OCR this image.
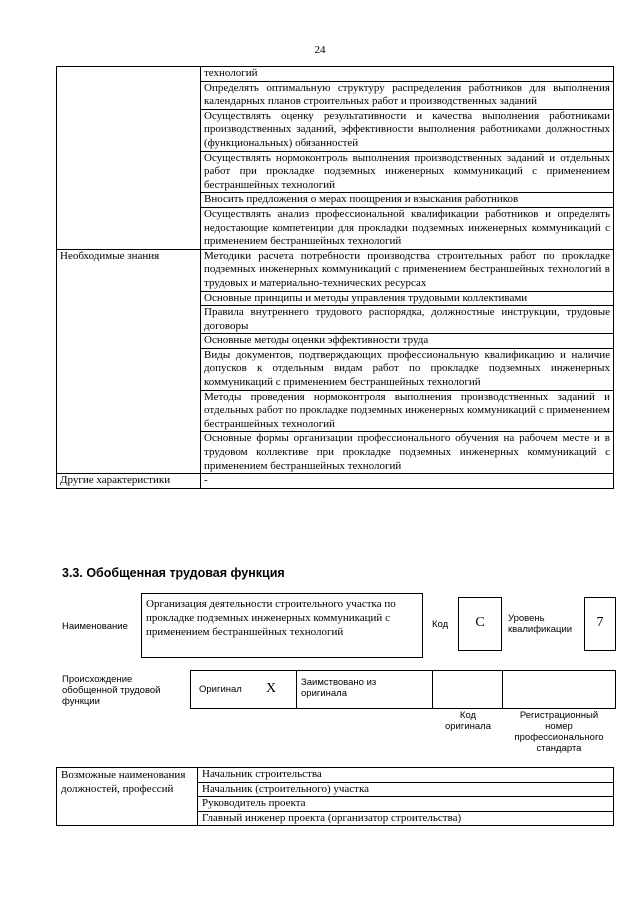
24
	технологий
	Определять оптимальную структуру распределения работников для выполнения календарных планов строительных работ и производственных заданий
	Осуществлять оценку результативности и качества выполнения работниками производственных заданий, эффективности выполнения работниками должностных (функциональных) обязанностей
	Осуществлять нормоконтроль выполнения производственных заданий и отдельных работ при прокладке подземных инженерных коммуникаций с применением бестраншейных технологий
	Вносить предложения о мерах поощрения и взыскания работников
	Осуществлять анализ профессиональной квалификации работников и определять недостающие компетенции для прокладки подземных инженерных коммуникаций с применением бестраншейных технологий
Необходимые знания	Методики расчета потребности производства строительных работ по прокладке подземных инженерных коммуникаций с применением бестраншейных технологий в трудовых и материально-технических ресурсах
	Основные принципы и методы управления трудовыми коллективами
	Правила внутреннего трудового распорядка, должностные инструкции, трудовые договоры
	Основные методы оценки эффективности труда
	Виды документов, подтверждающих профессиональную квалификацию и наличие допусков к отдельным видам работ по прокладке подземных инженерных коммуникаций с применением бестраншейных технологий
	Методы проведения нормоконтроля выполнения производственных заданий и отдельных работ по прокладке подземных инженерных коммуникаций с применением бестраншейных технологий
	Основные формы организации профессионального обучения на рабочем месте и в трудовом коллективе при прокладке подземных инженерных коммуникаций с применением бестраншейных технологий
Другие характеристики	-
3.3. Обобщенная трудовая функция
Наименование
Организация деятельности строительного участка по прокладке подземных инженерных коммуникаций с применением бестраншейных технологий
Код	C	Уровень квалификации	7
Происхождение обобщенной трудовой функции
Оригинал X	Заимствовано из оригинала
Код оригинала
Регистрационный номер профессионального стандарта
Возможные наименования должностей, профессий	Начальник строительства
Начальник (строительного) участка
Руководитель проекта
Главный инженер проекта (организатор строительства)
